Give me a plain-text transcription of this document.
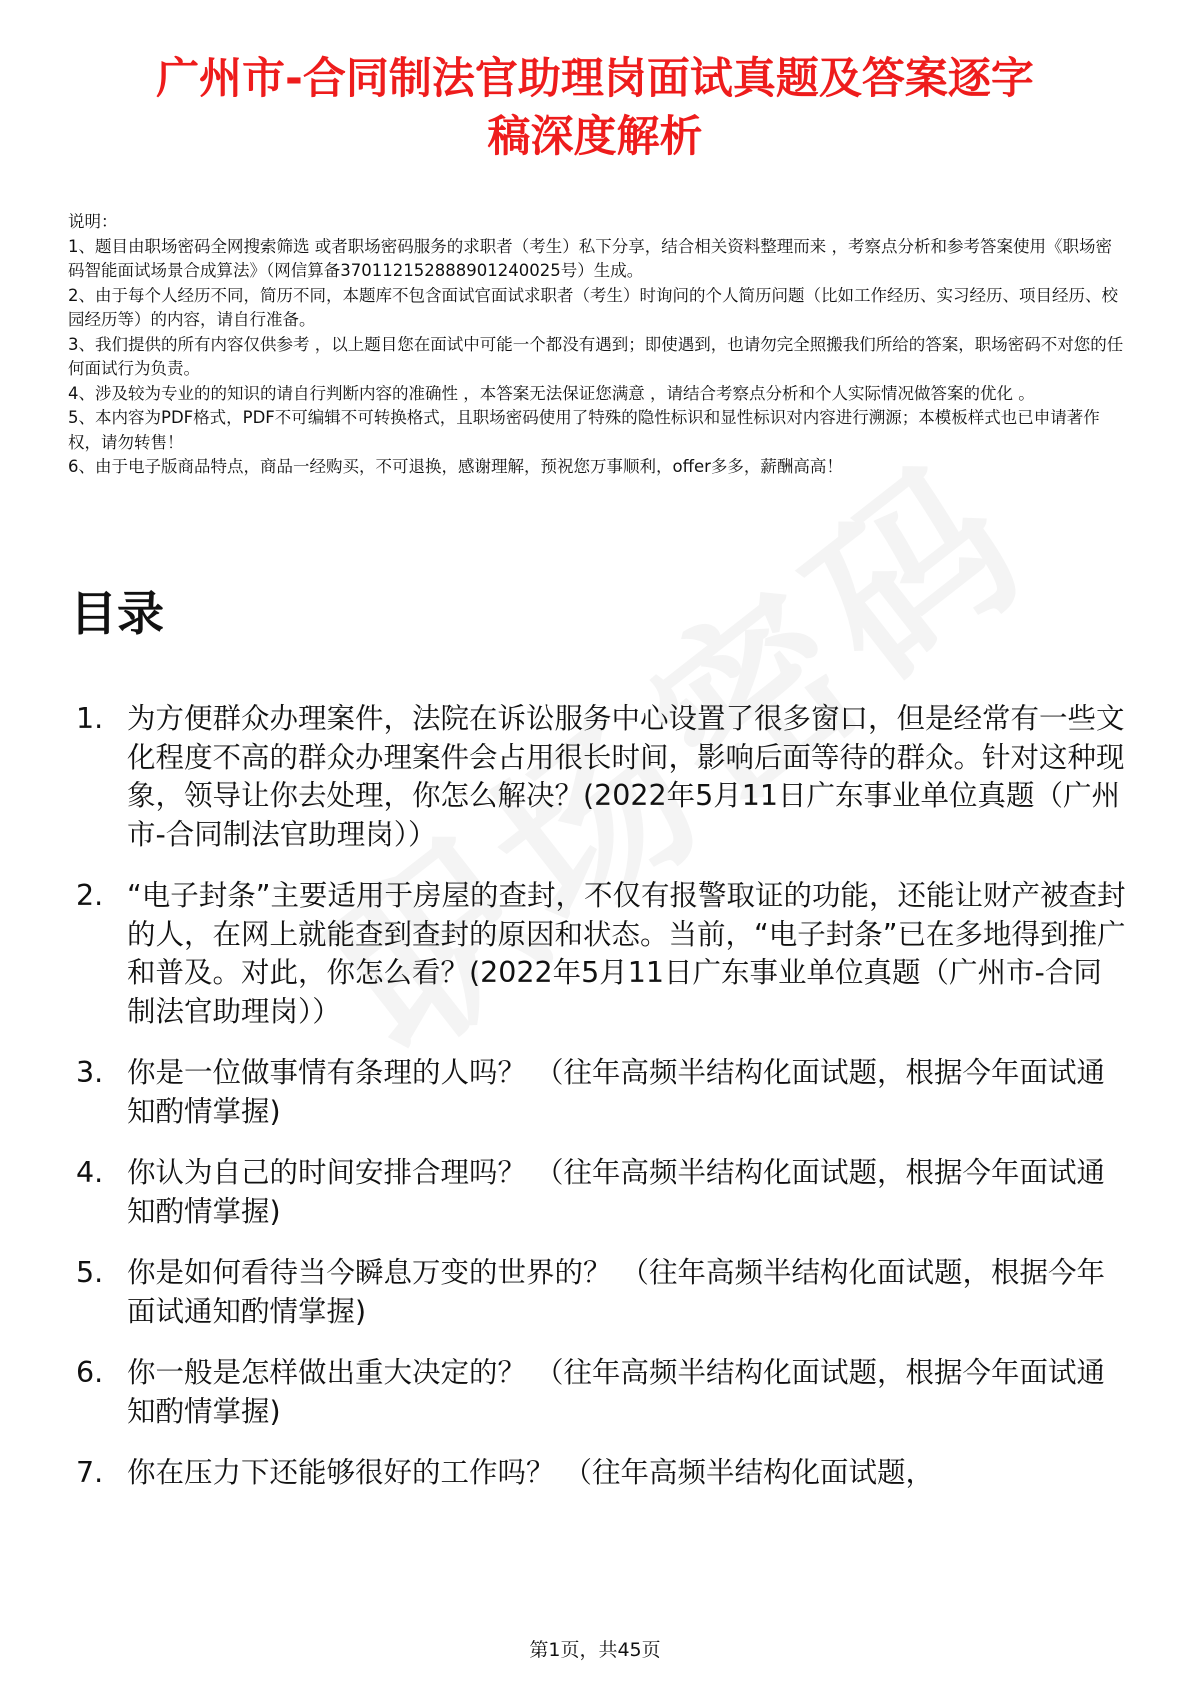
广州市-合同制法官助理岗面试真题及答案逐字
稿深度解析

说明：

1、题目由职场密码全网搜索筛选 或者职场密码服务的求职者（考生）私下分享，结合相关资料整理而来 ，考察点分析和参考答案使用《职场密码智能面试场景合成算法》（网信算备370112152888901240025号）生成。

2、由于每个人经历不同，简历不同，本题库不包含面试官面试求职者（考生）时询问的个人简历问题（比如工作经历、实习经历、项目经历、校园经历等）的内容，请自行准备。

3、我们提供的所有内容仅供参考 ，以上题目您在面试中可能一个都没有遇到；即使遇到，也请勿完全照搬我们所给的答案，职场密码不对您的任何面试行为负责。

4、涉及较为专业的的知识的请自行判断内容的准确性 ，本答案无法保证您满意 ，请结合考察点分析和个人实际情况做答案的优化 。

5、本内容为PDF格式，PDF不可编辑不可转换格式，且职场密码使用了特殊的隐性标识和显性标识对内容进行溯源；本模板样式也已申请著作权，请勿转售！

6、由于电子版商品特点，商品一经购买，不可退换，感谢理解，预祝您万事顺利，offer多多，薪酬高高！

目录
1. 为方便群众办理案件，法院在诉讼服务中心设置了很多窗口，但是经常有一些文化程度不高的群众办理案件会占用很长时间，影响后面等待的群众。针对这种现象，领导让你去处理，你怎么解决？(2022年5月11日广东事业单位真题（广州市-合同制法官助理岗））
2. “电子封条”主要适用于房屋的查封，不仅有报警取证的功能，还能让财产被查封的人，在网上就能查到查封的原因和状态。当前，“电子封条”已在多地得到推广和普及。对此，你怎么看？(2022年5月11日广东事业单位真题（广州市-合同制法官助理岗））
3. 你是一位做事情有条理的人吗？ （往年高频半结构化面试题，根据今年面试通知酌情掌握)
4. 你认为自己的时间安排合理吗？ （往年高频半结构化面试题，根据今年面试通知酌情掌握)
5. 你是如何看待当今瞬息万变的世界的？ （往年高频半结构化面试题，根据今年面试通知酌情掌握)
6. 你一般是怎样做出重大决定的？ （往年高频半结构化面试题，根据今年面试通知酌情掌握)
7. 你在压力下还能够很好的工作吗？ （往年高频半结构化面试题，
第1页，共45页
